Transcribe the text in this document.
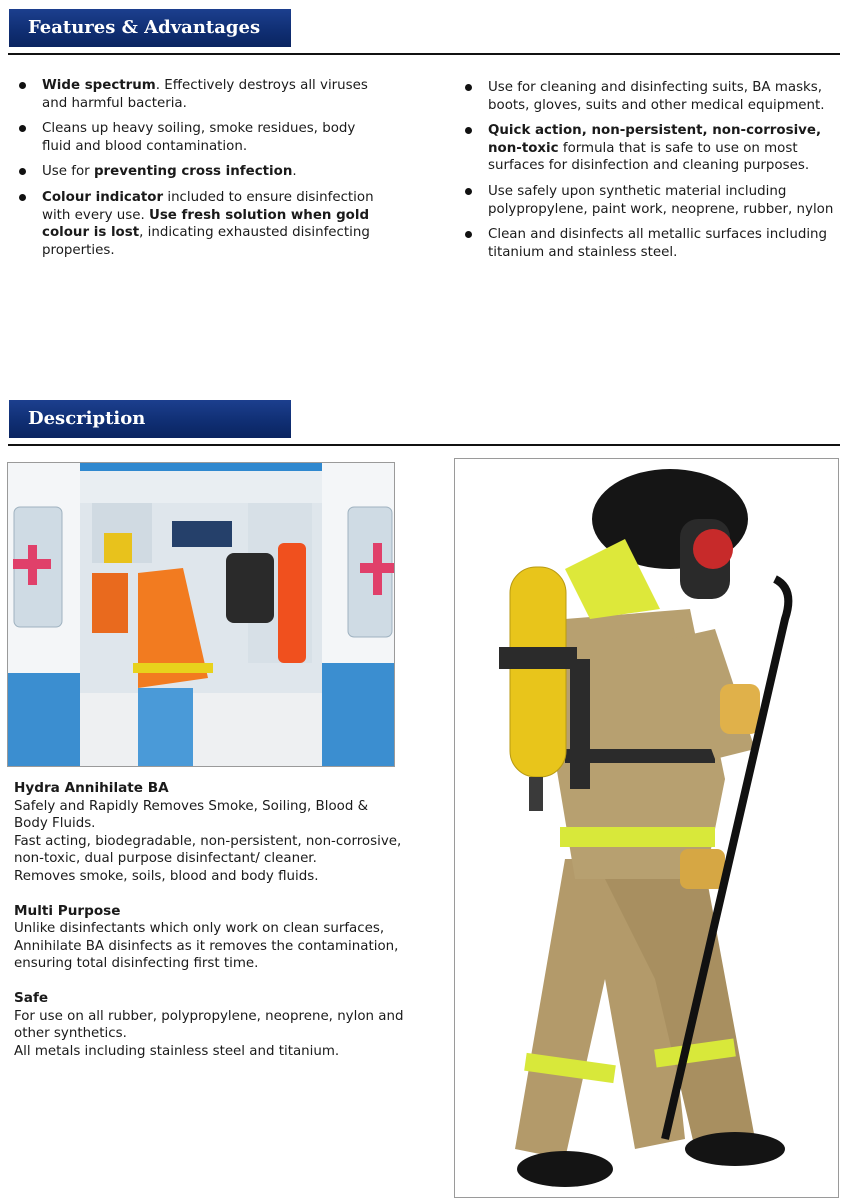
Features & Advantages
Wide spectrum. Effectively destroys all viruses and harmful bacteria.
Cleans up heavy soiling, smoke residues, body fluid and blood contamination.
Use for preventing cross infection.
Colour indicator included to ensure disinfection with every use. Use fresh solution when gold colour is lost, indicating exhausted disinfecting properties.
Use for cleaning and disinfecting suits, BA masks, boots, gloves, suits and other medical equipment.
Quick action, non-persistent, non-corrosive, non-toxic formula that is safe to use on most surfaces for disinfection and cleaning purposes.
Use safely upon synthetic material including polypropylene, paint work, neoprene, rubber, nylon
Clean and disinfects all metallic surfaces including titanium and stainless steel.
Description
Hydra Annihilate BA

Safely and Rapidly Removes Smoke, Soiling, Blood & Body Fluids.

Fast acting, biodegradable, non-persistent, non-corrosive, non-toxic, dual purpose disinfectant/ cleaner.

Removes smoke, soils, blood and body fluids.

Multi Purpose

Unlike disinfectants which only work on clean surfaces, Annihilate BA disinfects as it removes the contamination, ensuring total disinfecting first time.

Safe

For use on all rubber, polypropylene, neoprene, nylon and other synthetics.

All metals including stainless steel and titanium.
